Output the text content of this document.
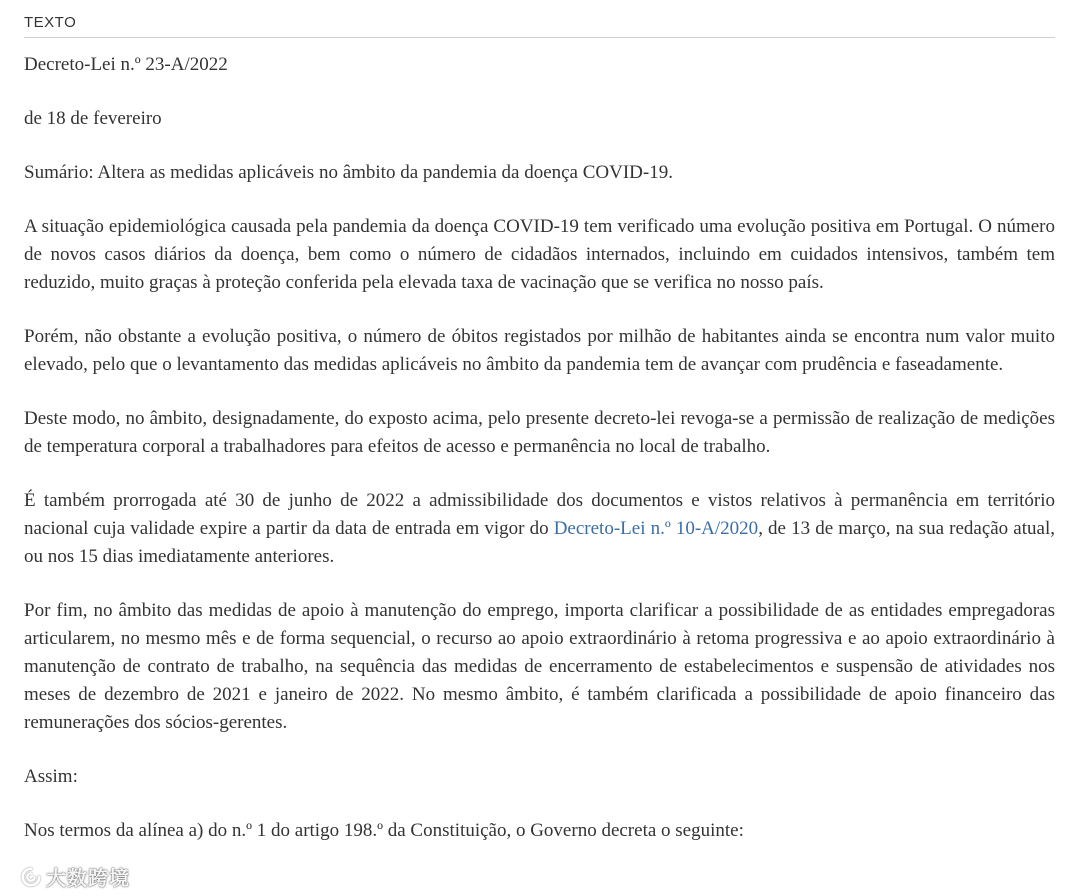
TEXTO

Decreto-Lei n.º 23-A/2022

de 18 de fevereiro

Sumário: Altera as medidas aplicáveis no âmbito da pandemia da doença COVID-19.

A situação epidemiológica causada pela pandemia da doença COVID-19 tem verificado uma evolução positiva em Portugal. O número de novos casos diários da doença, bem como o número de cidadãos internados, incluindo em cuidados intensivos, também tem reduzido, muito graças à proteção conferida pela elevada taxa de vacinação que se verifica no nosso país.

Porém, não obstante a evolução positiva, o número de óbitos registados por milhão de habitantes ainda se encontra num valor muito elevado, pelo que o levantamento das medidas aplicáveis no âmbito da pandemia tem de avançar com prudência e faseadamente.

Deste modo, no âmbito, designadamente, do exposto acima, pelo presente decreto-lei revoga-se a permissão de realização de medições de temperatura corporal a trabalhadores para efeitos de acesso e permanência no local de trabalho.

É também prorrogada até 30 de junho de 2022 a admissibilidade dos documentos e vistos relativos à permanência em território nacional cuja validade expire a partir da data de entrada em vigor do Decreto-Lei n.º 10-A/2020, de 13 de março, na sua redação atual, ou nos 15 dias imediatamente anteriores.

Por fim, no âmbito das medidas de apoio à manutenção do emprego, importa clarificar a possibilidade de as entidades empregadoras articularem, no mesmo mês e de forma sequencial, o recurso ao apoio extraordinário à retoma progressiva e ao apoio extraordinário à manutenção de contrato de trabalho, na sequência das medidas de encerramento de estabelecimentos e suspensão de atividades nos meses de dezembro de 2021 e janeiro de 2022. No mesmo âmbito, é também clarificada a possibilidade de apoio financeiro das remunerações dos sócios-gerentes.

Assim:

Nos termos da alínea a) do n.º 1 do artigo 198.º da Constituição, o Governo decreta o seguinte:

大数跨境
